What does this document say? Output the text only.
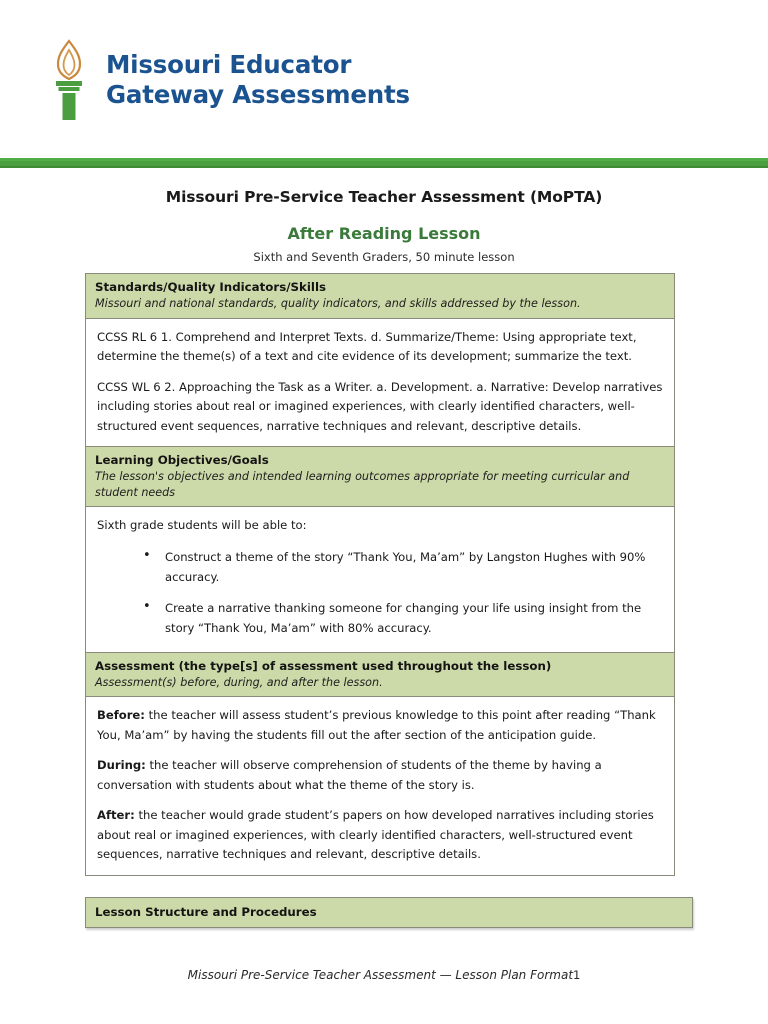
Missouri Educator
Gateway Assessments
Missouri Pre-Service Teacher Assessment (MoPTA)
After Reading Lesson
Sixth and Seventh Graders, 50 minute lesson
Standards/Quality Indicators/Skills
Missouri and national standards, quality indicators, and skills addressed by the lesson.

CCSS RL 6 1. Comprehend and Interpret Texts. d. Summarize/Theme: Using appropriate text, determine the theme(s) of a text and cite evidence of its development; summarize the text.

CCSS WL 6 2. Approaching the Task as a Writer. a. Development. a. Narrative: Develop narratives including stories about real or imagined experiences, with clearly identified characters, well-structured event sequences, narrative techniques and relevant, descriptive details.

Learning Objectives/Goals
The lesson's objectives and intended learning outcomes appropriate for meeting curricular and student needs

Sixth grade students will be able to:

• Construct a theme of the story “Thank You, Ma’am” by Langston Hughes with 90% accuracy.
• Create a narrative thanking someone for changing your life using insight from the story “Thank You, Ma’am” with 80% accuracy.
Assessment (the type[s] of assessment used throughout the lesson)
Assessment(s) before, during, and after the lesson.

Before: the teacher will assess student’s previous knowledge to this point after reading “Thank You, Ma’am” by having the students fill out the after section of the anticipation guide.

During: the teacher will observe comprehension of students of the theme by having a conversation with students about what the theme of the story is.

After: the teacher would grade student’s papers on how developed narratives including stories about real or imagined experiences, with clearly identified characters, well-structured event sequences, narrative techniques and relevant, descriptive details.

Lesson Structure and Procedures
Missouri Pre-Service Teacher Assessment — Lesson Plan Format1
